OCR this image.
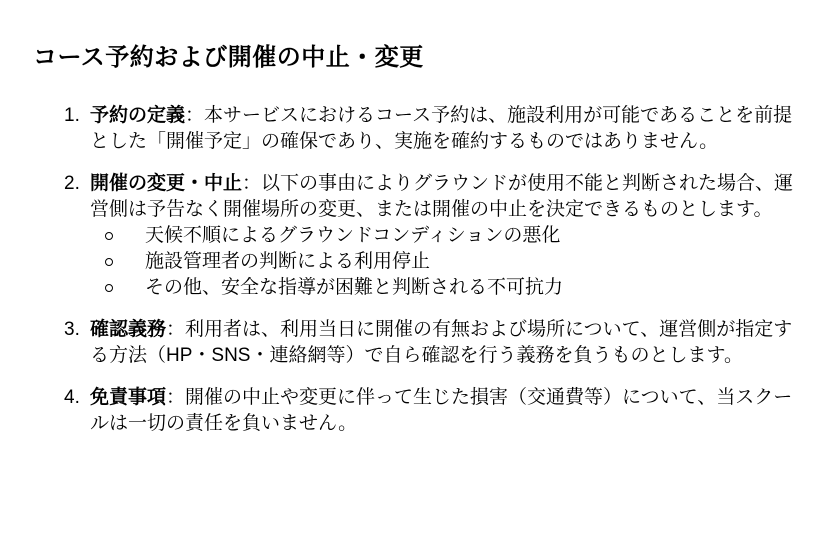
コース予約および開催の中止・変更
1. 予約の定義：本サービスにおけるコース予約は、施設利用が可能であることを前提とした「開催予定」の確保であり、実施を確約するものではありません。
2. 開催の変更・中止：以下の事由によりグラウンドが使用不能と判断された場合、運営側は予告なく開催場所の変更、または開催の中止を決定できるものとします。
天候不順によるグラウンドコンディションの悪化
施設管理者の判断による利用停止
その他、安全な指導が困難と判断される不可抗力
3. 確認義務：利用者は、利用当日に開催の有無および場所について、運営側が指定する方法（HP・SNS・連絡網等）で自ら確認を行う義務を負うものとします。
4. 免責事項：開催の中止や変更に伴って生じた損害（交通費等）について、当スクールは一切の責任を負いません。
